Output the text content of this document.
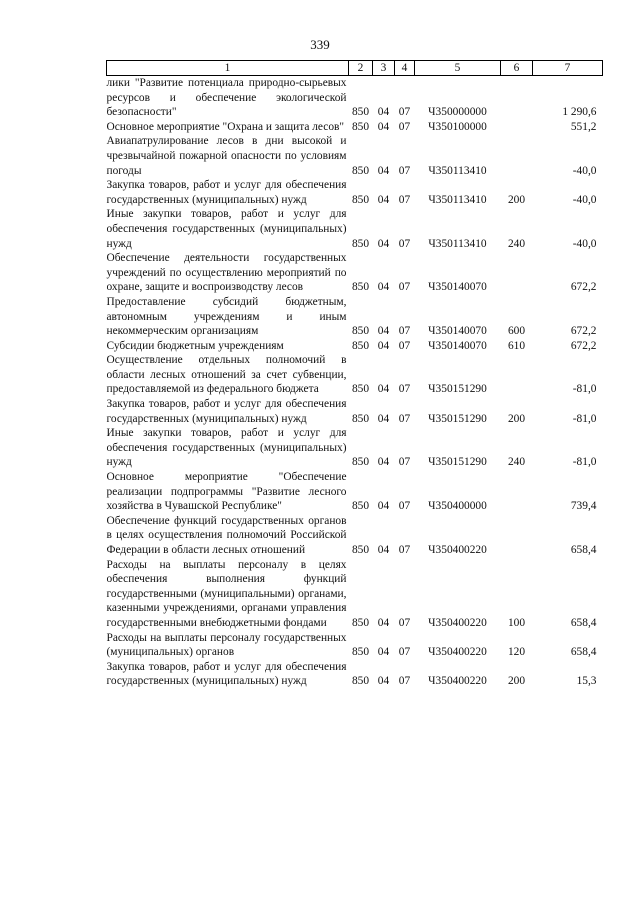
339
1	2	3	4	5	6	7
лики "Развитие потенциала природно-сырьевых ресурсов и обеспечение экологической безопасности"	850	04	07	Ч350000000		1 290,6
Основное мероприятие "Охрана и защита лесов"	850	04	07	Ч350100000		551,2
Авиапатрулирование лесов в дни высокой и чрезвычайной пожарной опасности по условиям погоды	850	04	07	Ч350113410		-40,0
Закупка товаров, работ и услуг для обеспечения государственных (муниципальных) нужд	850	04	07	Ч350113410	200	-40,0
Иные закупки товаров, работ и услуг для обеспечения государственных (муниципальных) нужд	850	04	07	Ч350113410	240	-40,0
Обеспечение деятельности государственных учреждений по осуществлению мероприятий по охране, защите и воспроизводству лесов	850	04	07	Ч350140070		672,2
Предоставление субсидий бюджетным, автономным учреждениям и иным некоммерческим организациям	850	04	07	Ч350140070	600	672,2
Субсидии бюджетным учреждениям	850	04	07	Ч350140070	610	672,2
Осуществление отдельных полномочий в области лесных отношений за счет субвенции, предоставляемой из федерального бюджета	850	04	07	Ч350151290		-81,0
Закупка товаров, работ и услуг для обеспечения государственных (муниципальных) нужд	850	04	07	Ч350151290	200	-81,0
Иные закупки товаров, работ и услуг для обеспечения государственных (муниципальных) нужд	850	04	07	Ч350151290	240	-81,0
Основное мероприятие "Обеспечение реализации подпрограммы "Развитие лесного хозяйства в Чувашской Республике"	850	04	07	Ч350400000		739,4
Обеспечение функций государственных органов в целях осуществления полномочий Российской Федерации в области лесных отношений	850	04	07	Ч350400220		658,4
Расходы на выплаты персоналу в целях обеспечения выполнения функций государственными (муниципальными) органами, казенными учреждениями, органами управления государственными внебюджетными фондами	850	04	07	Ч350400220	100	658,4
Расходы на выплаты персоналу государственных (муниципальных) органов	850	04	07	Ч350400220	120	658,4
Закупка товаров, работ и услуг для обеспечения государственных (муниципальных) нужд	850	04	07	Ч350400220	200	15,3
